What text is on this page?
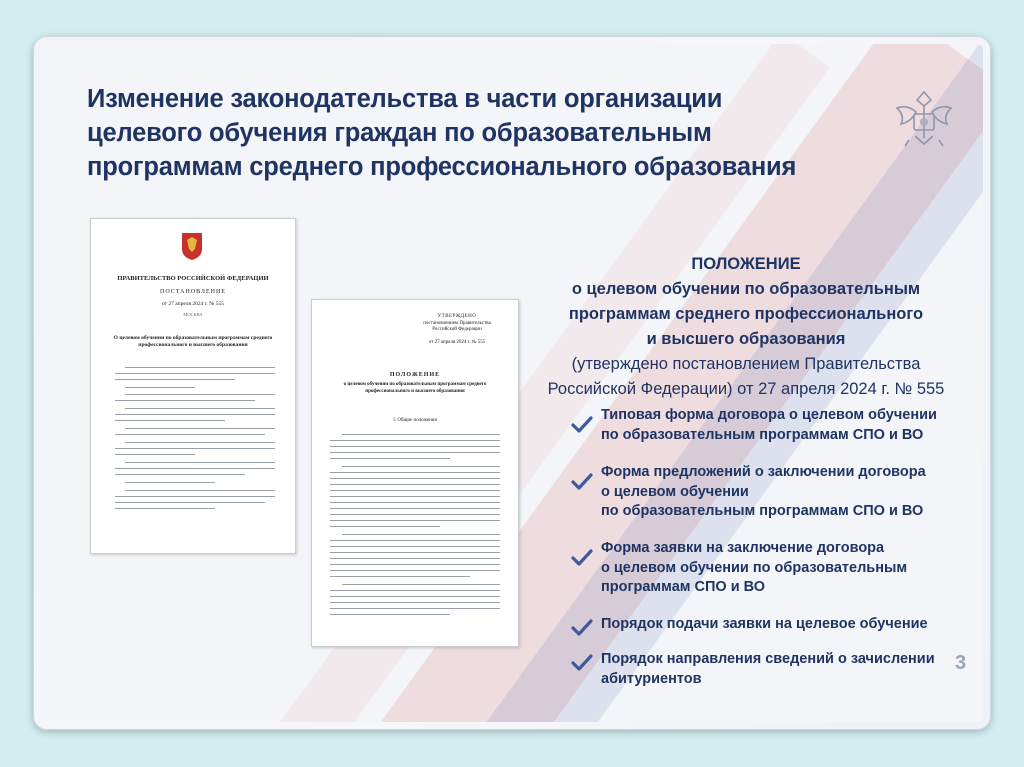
Изменение законодательства в части организации
целевого обучения граждан по образовательным
программам среднего профессионального образования
ПРАВИТЕЛЬСТВО РОССИЙСКОЙ ФЕДЕРАЦИИ
ПОСТАНОВЛЕНИЕ
от 27 апреля 2024 г. № 555
МОСКВА
О целевом обучении по образовательным программам среднего профессионального и высшего образования
УТВЕРЖДЕНО
постановлением Правительства Российской Федерации
от 27 апреля 2024 г. № 555
ПОЛОЖЕНИЕ
о целевом обучении по образовательным программам среднего профессионального и высшего образования
I. Общие положения
ПОЛОЖЕНИЕ
о целевом обучении по образовательным
программам среднего профессионального
и высшего образования
(утверждено постановлением Правительства
Российской Федерации) от 27 апреля 2024 г. № 555
Типовая форма договора о целевом обучении
по образовательным программам СПО и ВО
Форма предложений о заключении договора
о целевом обучении
по образовательным программам СПО и ВО
Форма заявки на заключение договора
о целевом обучении по образовательным
программам СПО и ВО
Порядок подачи заявки на целевое обучение
Порядок направления сведений о зачислении
абитуриентов
3
